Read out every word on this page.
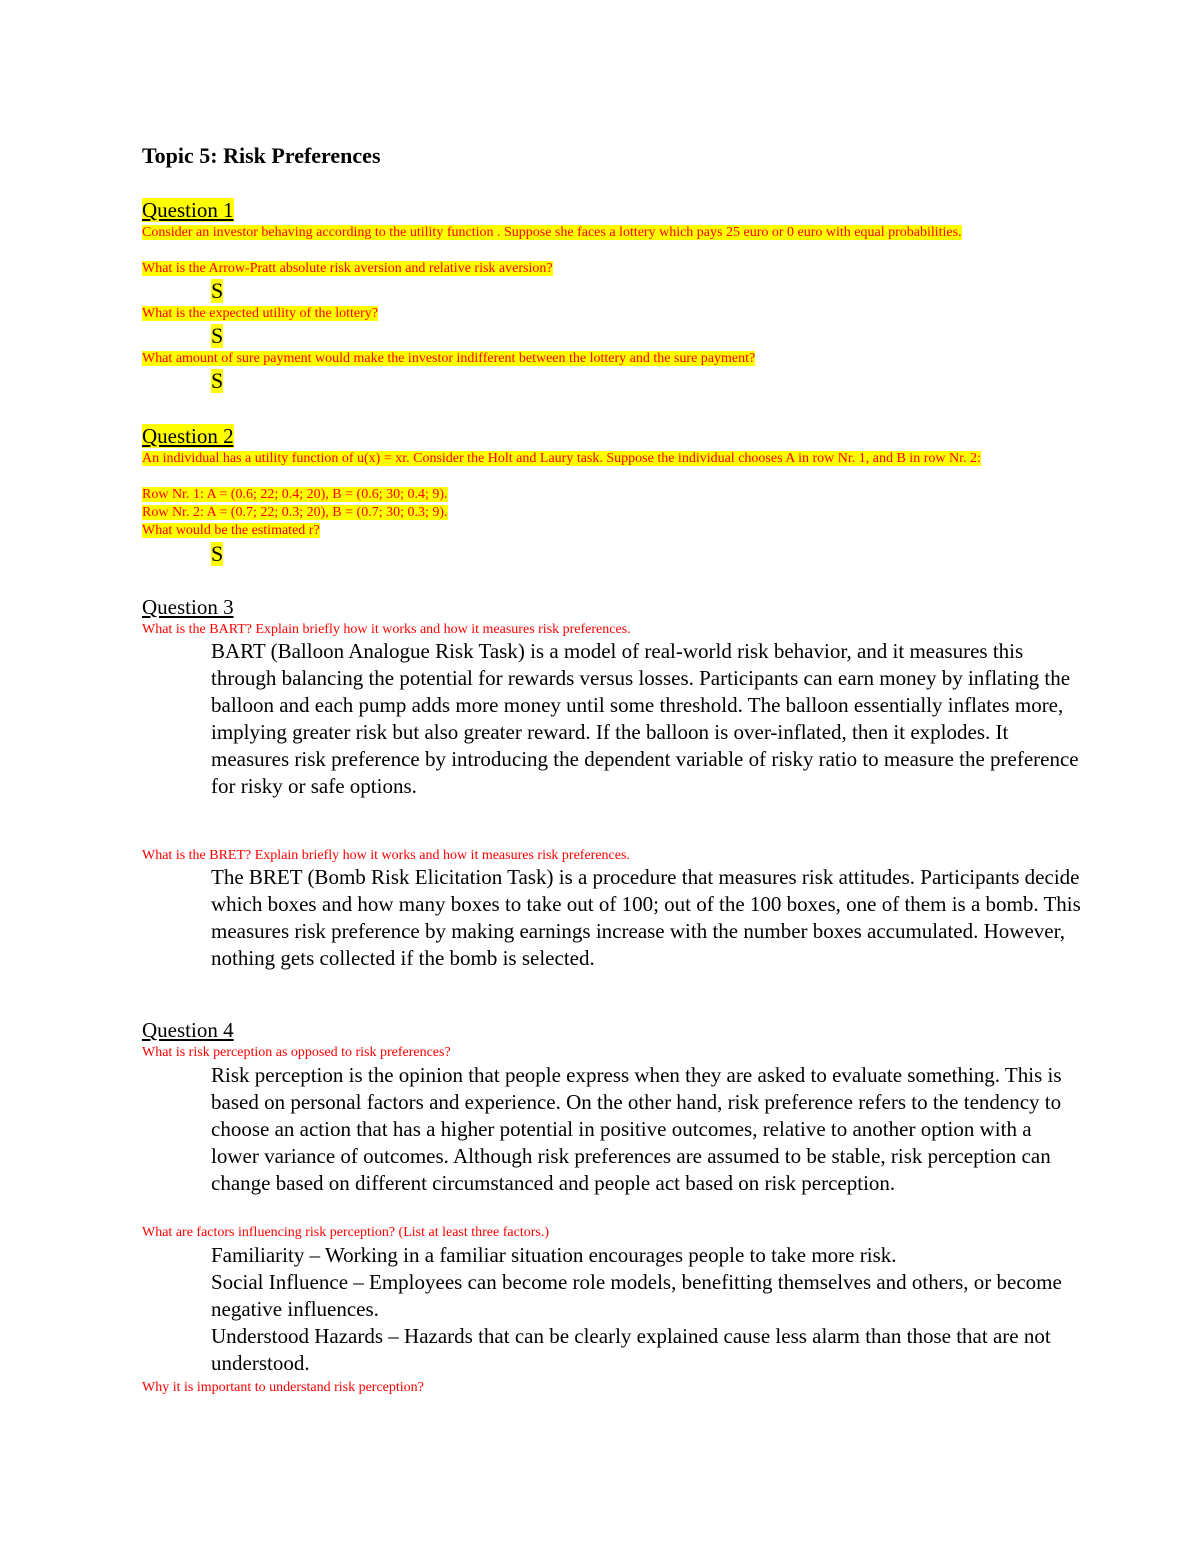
Topic 5: Risk Preferences
Question 1

Consider an investor behaving according to the utility function . Suppose she faces a lottery which pays 25 euro or 0 euro with equal probabilities.

What is the Arrow-Pratt absolute risk aversion and relative risk aversion?

S

What is the expected utility of the lottery?

S

What amount of sure payment would make the investor indifferent between the lottery and the sure payment?

S
Question 2

An individual has a utility function of u(x) = xr. Consider the Holt and Laury task. Suppose the individual chooses A in row Nr. 1, and B in row Nr. 2:

Row Nr. 1: A = (0.6; 22; 0.4; 20), B = (0.6; 30; 0.4; 9).

Row Nr. 2: A = (0.7; 22; 0.3; 20), B = (0.7; 30; 0.3; 9).

What would be the estimated r?

S
Question 3

What is the BART? Explain briefly how it works and how it measures risk preferences.

BART (Balloon Analogue Risk Task) is a model of real-world risk behavior, and it measures this through balancing the potential for rewards versus losses. Participants can earn money by inflating the balloon and each pump adds more money until some threshold. The balloon essentially inflates more, implying greater risk but also greater reward. If the balloon is over-inflated, then it explodes. It measures risk preference by introducing the dependent variable of risky ratio to measure the preference for risky or safe options.

What is the BRET? Explain briefly how it works and how it measures risk preferences.

The BRET (Bomb Risk Elicitation Task) is a procedure that measures risk attitudes. Participants decide which boxes and how many boxes to take out of 100; out of the 100 boxes, one of them is a bomb. This measures risk preference by making earnings increase with the number boxes accumulated. However, nothing gets collected if the bomb is selected.
Question 4

What is risk perception as opposed to risk preferences?

Risk perception is the opinion that people express when they are asked to evaluate something. This is based on personal factors and experience. On the other hand, risk preference refers to the tendency to choose an action that has a higher potential in positive outcomes, relative to another option with a lower variance of outcomes. Although risk preferences are assumed to be stable, risk perception can change based on different circumstanced and people act based on risk perception.

What are factors influencing risk perception? (List at least three factors.)

Familiarity – Working in a familiar situation encourages people to take more risk.

Social Influence – Employees can become role models, benefitting themselves and others, or become negative influences.

Understood Hazards – Hazards that can be clearly explained cause less alarm than those that are not understood.

Why it is important to understand risk perception?
